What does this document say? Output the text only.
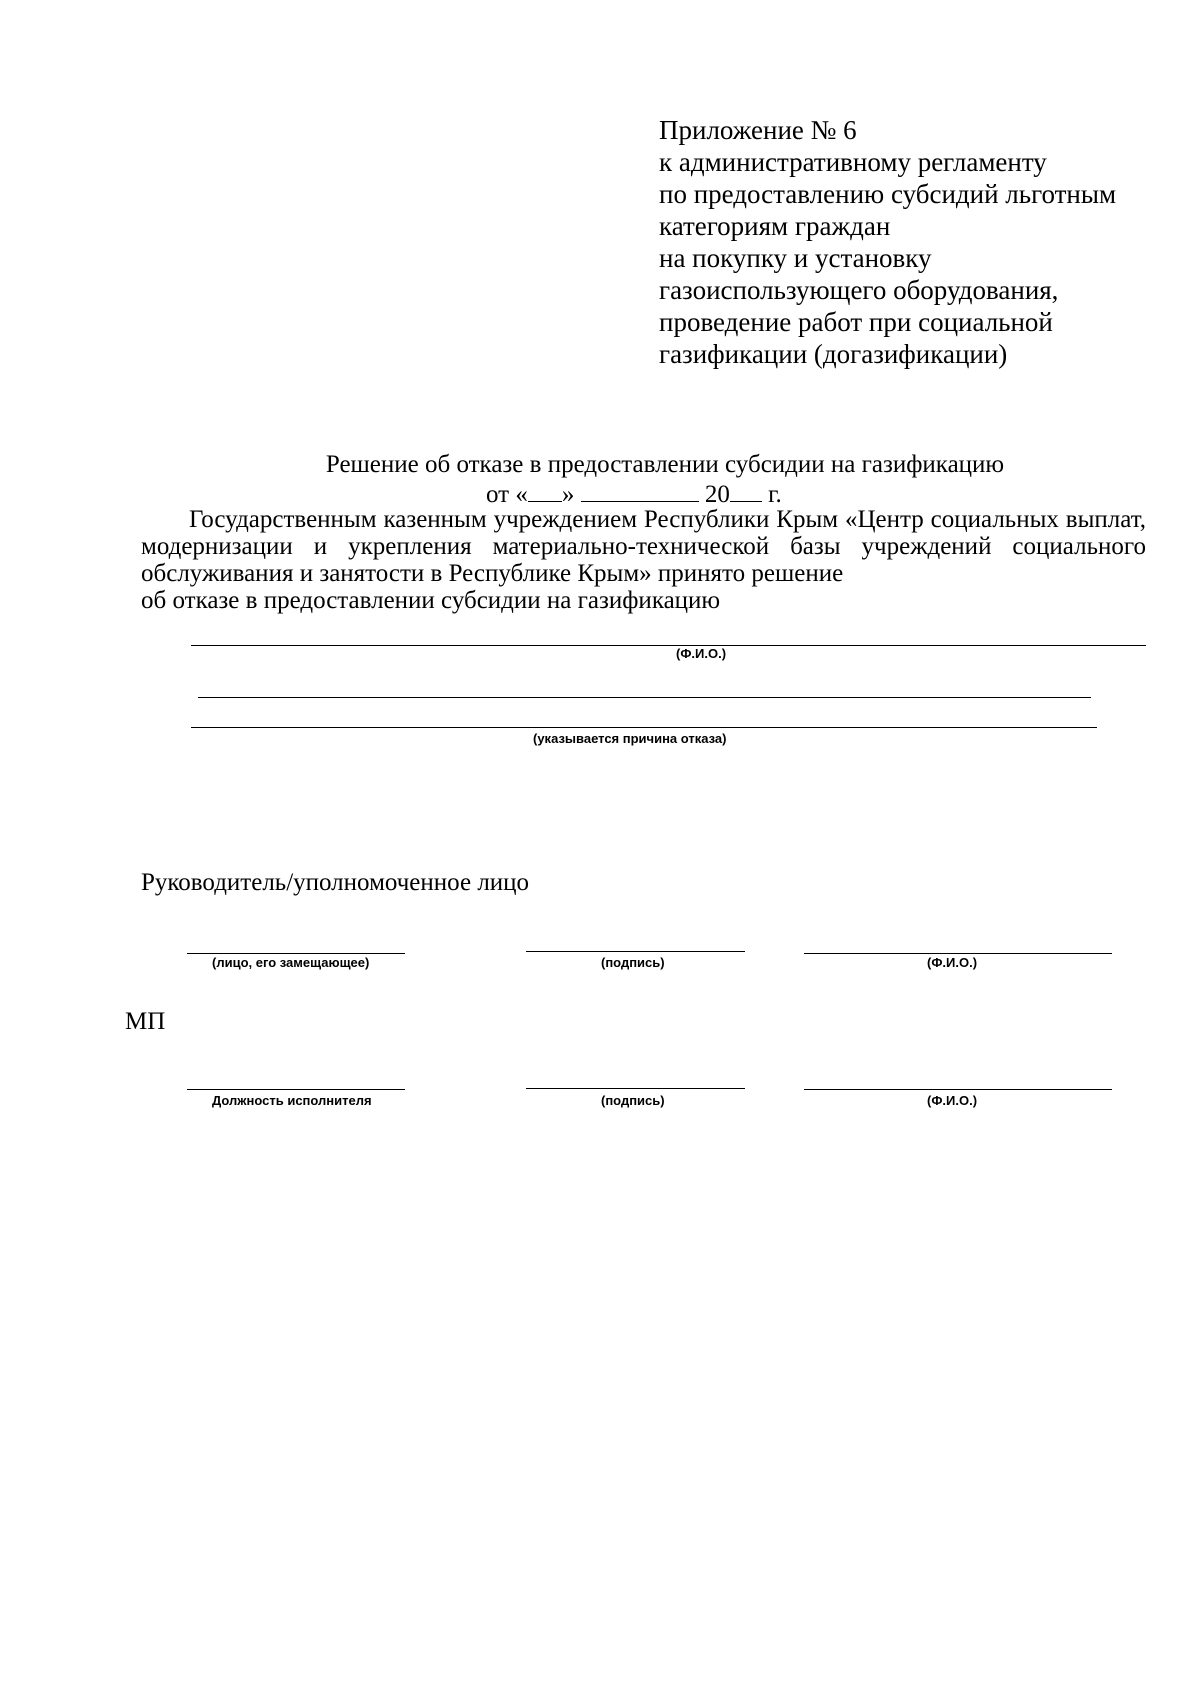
Приложение № 6
к административному регламенту
по предоставлению субсидий льготным
категориям граждан
на покупку и установку
газоиспользующего оборудования,
проведение работ при социальной
газификации (догазификации)
Решение об отказе в предоставлении субсидии на газификацию
от « »	20 г.
Государственным казенным учреждением Республики Крым «Центр социальных выплат, модернизации и укрепления материально-технической базы учреждений социального обслуживания и занятости в Республике Крым» принято решение
об отказе в предоставлении субсидии на газификацию
(Ф.И.О.)
(указывается причина отказа)
Руководитель/уполномоченное лицо
(лицо, его замещающее)	(подпись)	(Ф.И.О.)
МП
Должность исполнителя	(подпись)	(Ф.И.О.)
